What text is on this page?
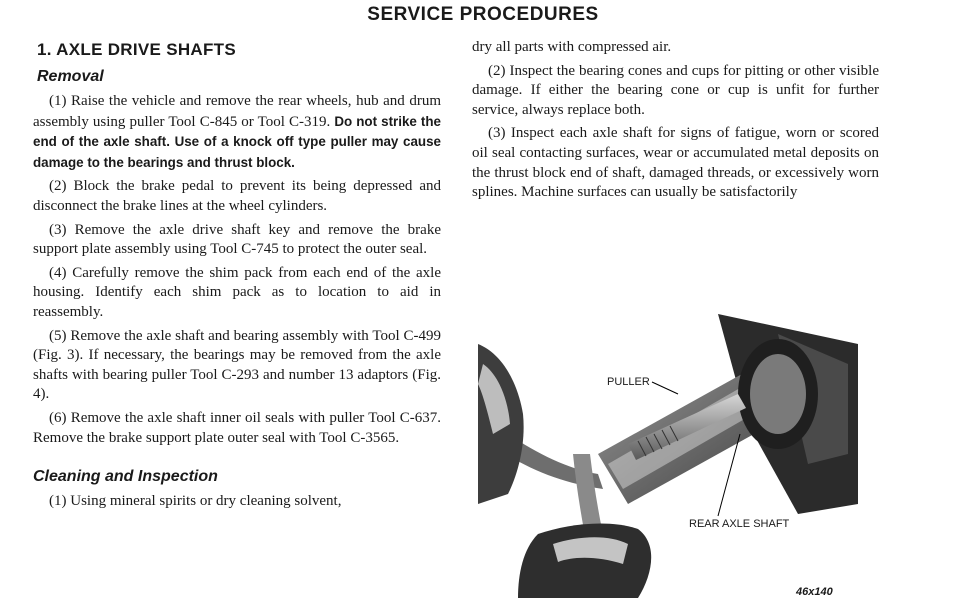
SERVICE PROCEDURES
1. AXLE DRIVE SHAFTS
Removal

(1) Raise the vehicle and remove the rear wheels, hub and drum assembly using puller Tool C-845 or Tool C-319. Do not strike the end of the axle shaft. Use of a knock off type puller may cause damage to the bearings and thrust block.

(2) Block the brake pedal to prevent its being depressed and disconnect the brake lines at the wheel cylinders.

(3) Remove the axle drive shaft key and remove the brake support plate assembly using Tool C-745 to protect the outer seal.

(4) Carefully remove the shim pack from each end of the axle housing. Identify each shim pack as to location to aid in reassembly.

(5) Remove the axle shaft and bearing assembly with Tool C-499 (Fig. 3). If necessary, the bearings may be removed from the axle shafts with bearing puller Tool C-293 and number 13 adaptors (Fig. 4).

(6) Remove the axle shaft inner oil seals with puller Tool C-637. Remove the brake support plate outer seal with Tool C-3565.

Cleaning and Inspection

(1) Using mineral spirits or dry cleaning solvent,

dry all parts with compressed air.

(2) Inspect the bearing cones and cups for pitting or other visible damage. If either the bearing cone or cup is unfit for further service, always replace both.

(3) Inspect each axle shaft for signs of fatigue, worn or scored oil seal contacting surfaces, wear or accumulated metal deposits on the thrust block end of shaft, damaged threads, or excessively worn splines. Machine surfaces can usually be satisfactorily

PULLER
REAR AXLE SHAFT
46x140
